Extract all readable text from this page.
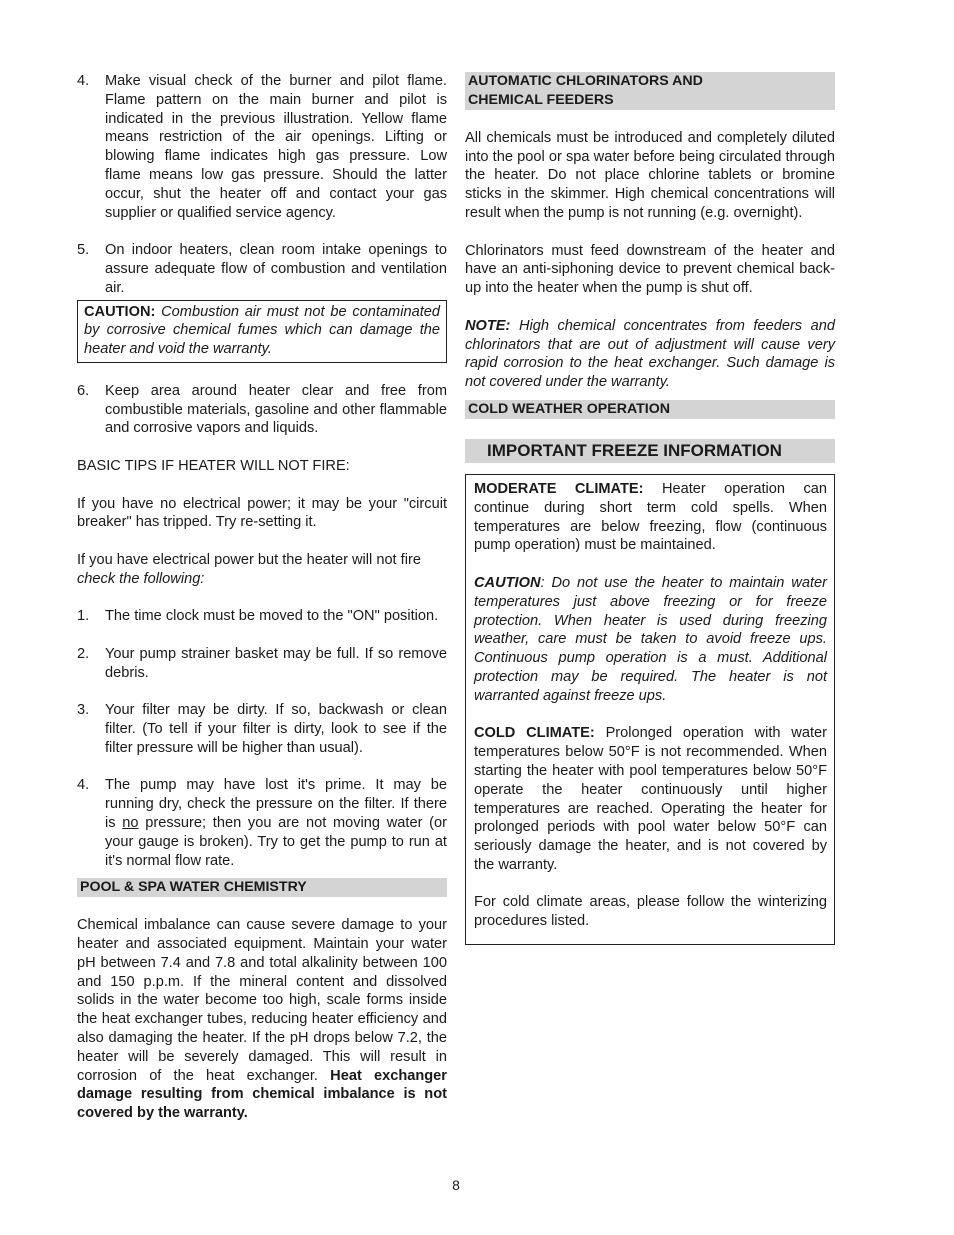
4.	Make visual check of the burner and pilot flame. Flame pattern on the main burner and pilot is indicated in the previous illustration. Yellow flame means restriction of the air openings. Lifting or blowing flame indicates high gas pressure. Low flame means low gas pressure. Should the latter occur, shut the heater off and contact your gas supplier or qualified service agency.
5.	On indoor heaters, clean room intake openings to assure adequate flow of combustion and ventilation air.
CAUTION: Combustion air must not be contaminated by corrosive chemical fumes which can damage the heater and void the warranty.
6.	Keep area around heater clear and free from combustible materials, gasoline and other flammable and corrosive vapors and liquids.

BASIC TIPS IF HEATER WILL NOT FIRE:

If you have no electrical power; it may be your "circuit breaker" has tripped. Try re-setting it.

If you have electrical power but the heater will not fire check the following:

1.	The time clock must be moved to the "ON" position.
2.	Your pump strainer basket may be full. If so remove debris.
3.	Your filter may be dirty. If so, backwash or clean filter. (To tell if your filter is dirty, look to see if the filter pressure will be higher than usual).
4.	The pump may have lost it's prime. It may be running dry, check the pressure on the filter. If there is no pressure; then you are not moving water (or your gauge is broken). Try to get the pump to run at it's normal flow rate.
POOL & SPA WATER CHEMISTRY

Chemical imbalance can cause severe damage to your heater and associated equipment. Maintain your water pH between 7.4 and 7.8 and total alkalinity between 100 and 150 p.p.m. If the mineral content and dissolved solids in the water become too high, scale forms inside the heat exchanger tubes, reducing heater efficiency and also damaging the heater. If the pH drops below 7.2, the heater will be severely damaged. This will result in corrosion of the heat exchanger. Heat exchanger damage resulting from chemical imbalance is not covered by the warranty.

AUTOMATIC CHLORINATORS AND
CHEMICAL FEEDERS

All chemicals must be introduced and completely diluted into the pool or spa water before being circulated through the heater. Do not place chlorine tablets or bromine sticks in the skimmer. High chemical concentrations will result when the pump is not running (e.g. overnight).

Chlorinators must feed downstream of the heater and have an anti-siphoning device to prevent chemical back-up into the heater when the pump is shut off.

NOTE: High chemical concentrates from feeders and chlorinators that are out of adjustment will cause very rapid corrosion to the heat exchanger. Such damage is not covered under the warranty.

COLD WEATHER OPERATION
IMPORTANT FREEZE INFORMATION

MODERATE CLIMATE: Heater operation can continue during short term cold spells. When temperatures are below freezing, flow (continuous pump operation) must be maintained.

CAUTION: Do not use the heater to maintain water temperatures just above freezing or for freeze protection. When heater is used during freezing weather, care must be taken to avoid freeze ups. Continuous pump operation is a must. Additional protection may be required. The heater is not warranted against freeze ups.

COLD CLIMATE: Prolonged operation with water temperatures below 50°F is not recommended. When starting the heater with pool temperatures below 50°F operate the heater continuously until higher temperatures are reached. Operating the heater for prolonged periods with pool water below 50°F can seriously damage the heater, and is not covered by the warranty.

For cold climate areas, please follow the winterizing procedures listed.

8
